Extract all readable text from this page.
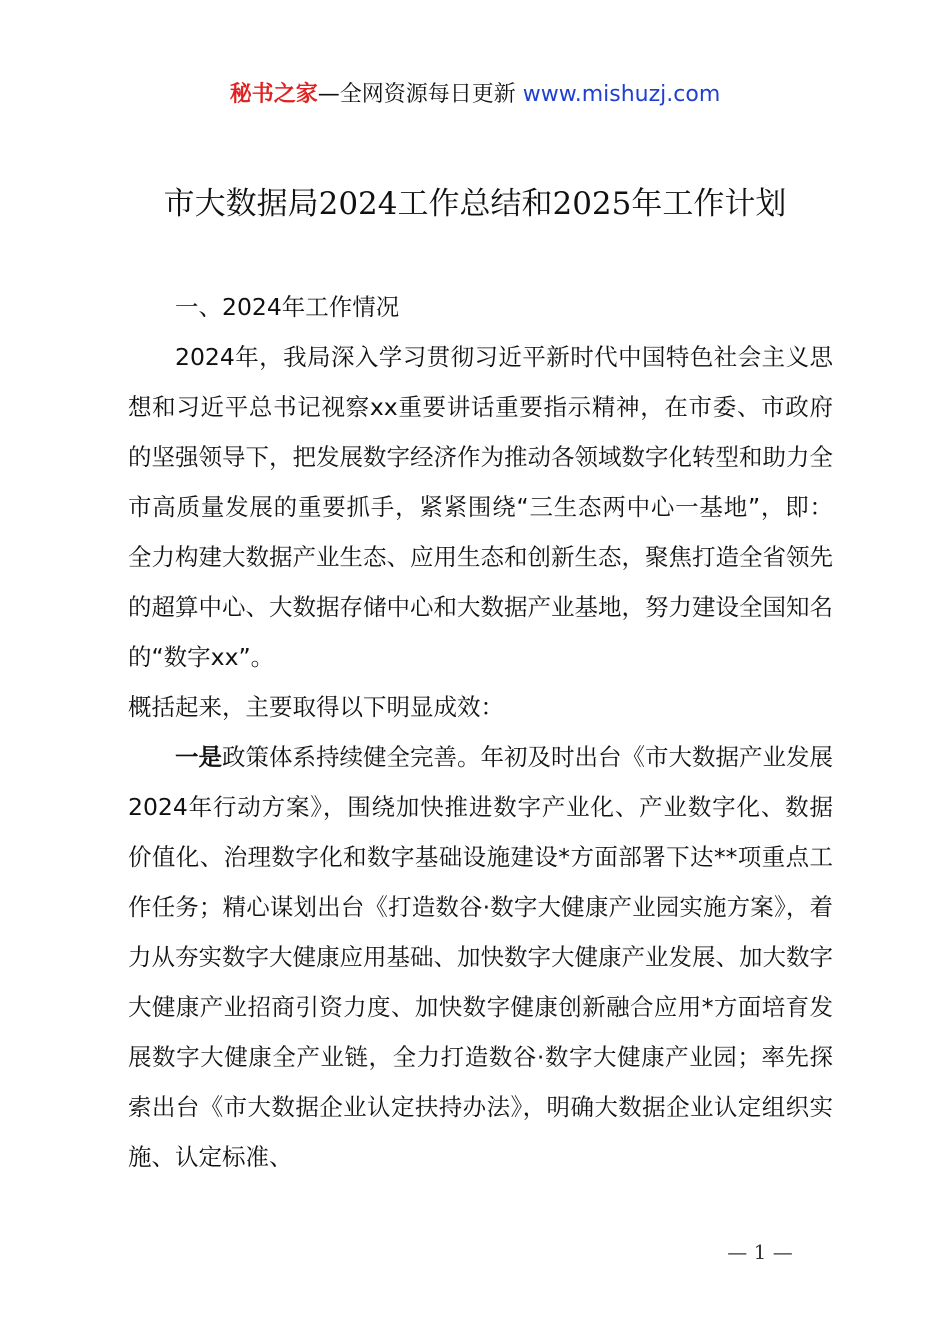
秘书之家—全网资源每日更新 www.mishuzj.com
市大数据局2024工作总结和2025年工作计划

一、2024年工作情况

2024年，我局深入学习贯彻习近平新时代中国特色社会主义思想和习近平总书记视察xx重要讲话重要指示精神，在市委、市政府的坚强领导下，把发展数字经济作为推动各领域数字化转型和助力全市高质量发展的重要抓手，紧紧围绕“三生态两中心一基地”，即：全力构建大数据产业生态、应用生态和创新生态，聚焦打造全省领先的超算中心、大数据存储中心和大数据产业基地，努力建设全国知名的“数字xx”。

概括起来，主要取得以下明显成效：

一是政策体系持续健全完善。年初及时出台《市大数据产业发展2024年行动方案》，围绕加快推进数字产业化、产业数字化、数据价值化、治理数字化和数字基础设施建设*方面部署下达**项重点工作任务；精心谋划出台《打造数谷·数字大健康产业园实施方案》，着力从夯实数字大健康应用基础、加快数字大健康产业发展、加大数字大健康产业招商引资力度、加快数字健康创新融合应用*方面培育发展数字大健康全产业链，全力打造数谷·数字大健康产业园；率先探索出台《市大数据企业认定扶持办法》，明确大数据企业认定组织实施、认定标准、

— 1 —
